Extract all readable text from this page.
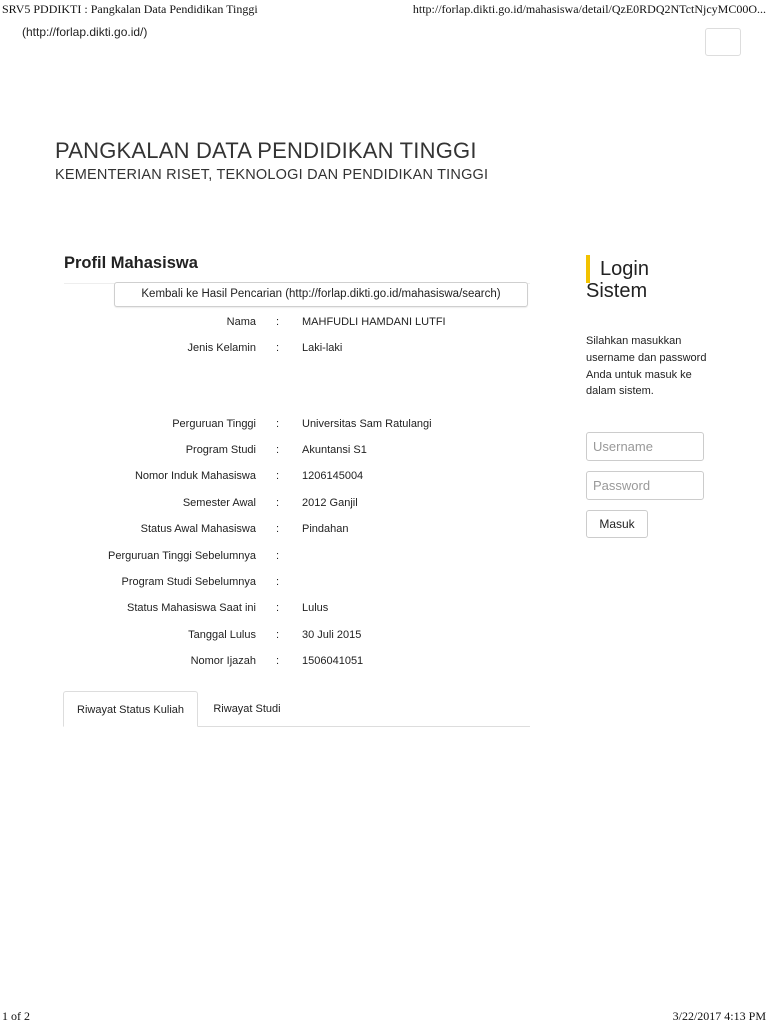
SRV5 PDDIKTI : Pangkalan Data Pendidikan Tinggi	http://forlap.dikti.go.id/mahasiswa/detail/QzE0RDQ2NTctNjcyMC00O...
(http://forlap.dikti.go.id/)
PANGKALAN DATA PENDIDIKAN TINGGI
KEMENTERIAN RISET, TEKNOLOGI DAN PENDIDIKAN TINGGI
Profil Mahasiswa
Kembali ke Hasil Pencarian (http://forlap.dikti.go.id/mahasiswa/search)
Nama : MAHFUDLI HAMDANI LUTFI
Jenis Kelamin : Laki-laki
Perguruan Tinggi : Universitas Sam Ratulangi
Program Studi : Akuntansi S1
Nomor Induk Mahasiswa : 1206145004
Semester Awal : 2012 Ganjil
Status Awal Mahasiswa : Pindahan
Perguruan Tinggi Sebelumnya :
Program Studi Sebelumnya :
Status Mahasiswa Saat ini : Lulus
Tanggal Lulus : 30 Juli 2015
Nomor Ijazah : 1506041051
Riwayat Status Kuliah	Riwayat Studi
Login
Sistem
Silahkan masukkan username dan password Anda untuk masuk ke dalam sistem.
Username
Masuk
1 of 2	3/22/2017 4:13 PM
